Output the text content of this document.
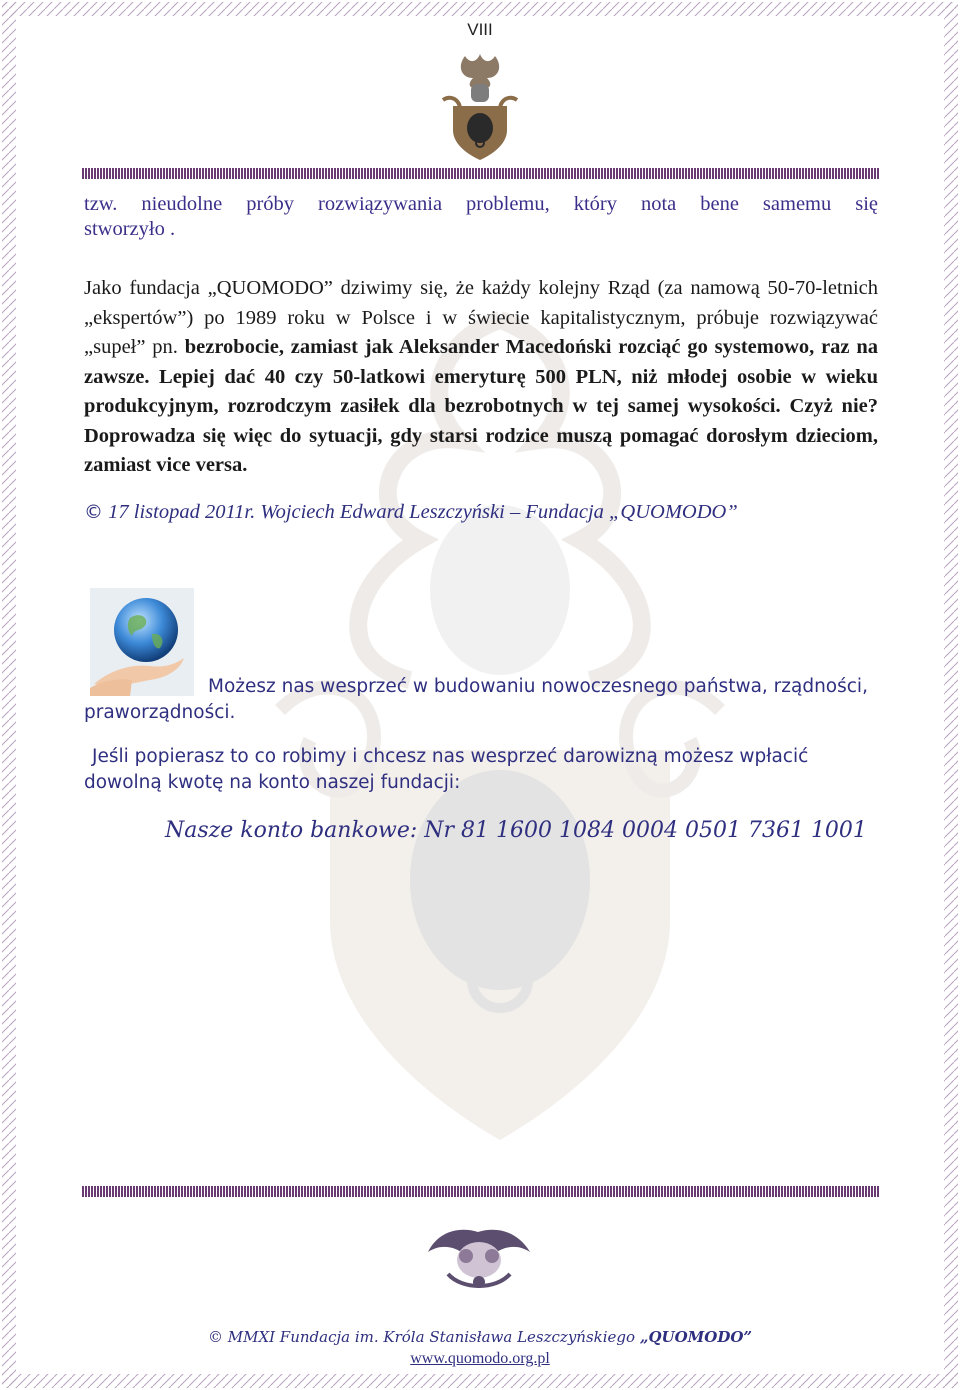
VIII
tzw. nieudolne próby rozwiązywania problemu, który nota bene samemu się
stworzyło .
Jako fundacja „QUOMODO” dziwimy się, że każdy kolejny Rząd (za namową 50-70-letnich „ekspertów”) po 1989 roku w Polsce i w świecie kapitalistycznym, próbuje rozwiązywać „supeł” pn. bezrobocie, zamiast jak Aleksander Macedoński rozciąć go systemowo, raz na zawsze. Lepiej dać 40 czy 50-latkowi emeryturę 500 PLN, niż młodej osobie w wieku produkcyjnym, rozrodczym zasiłek dla bezrobotnych w tej samej wysokości. Czyż nie? Doprowadza się więc do sytuacji, gdy starsi rodzice muszą pomagać dorosłym dzieciom, zamiast vice versa.
© 17 listopad 2011r. Wojciech Edward Leszczyński – Fundacja „QUOMODO”
Możesz nas wesprzeć w budowaniu nowoczesnego państwa, rządności,
praworządności.
Jeśli popierasz to co robimy i chcesz nas wesprzeć darowizną możesz wpłacić
dowolną kwotę na konto naszej fundacji:
Nasze konto bankowe: Nr 81 1600 1084 0004 0501 7361 1001
© MMXI Fundacja im. Króla Stanisława Leszczyńskiego „QUOMODO”
www.quomodo.org.pl
